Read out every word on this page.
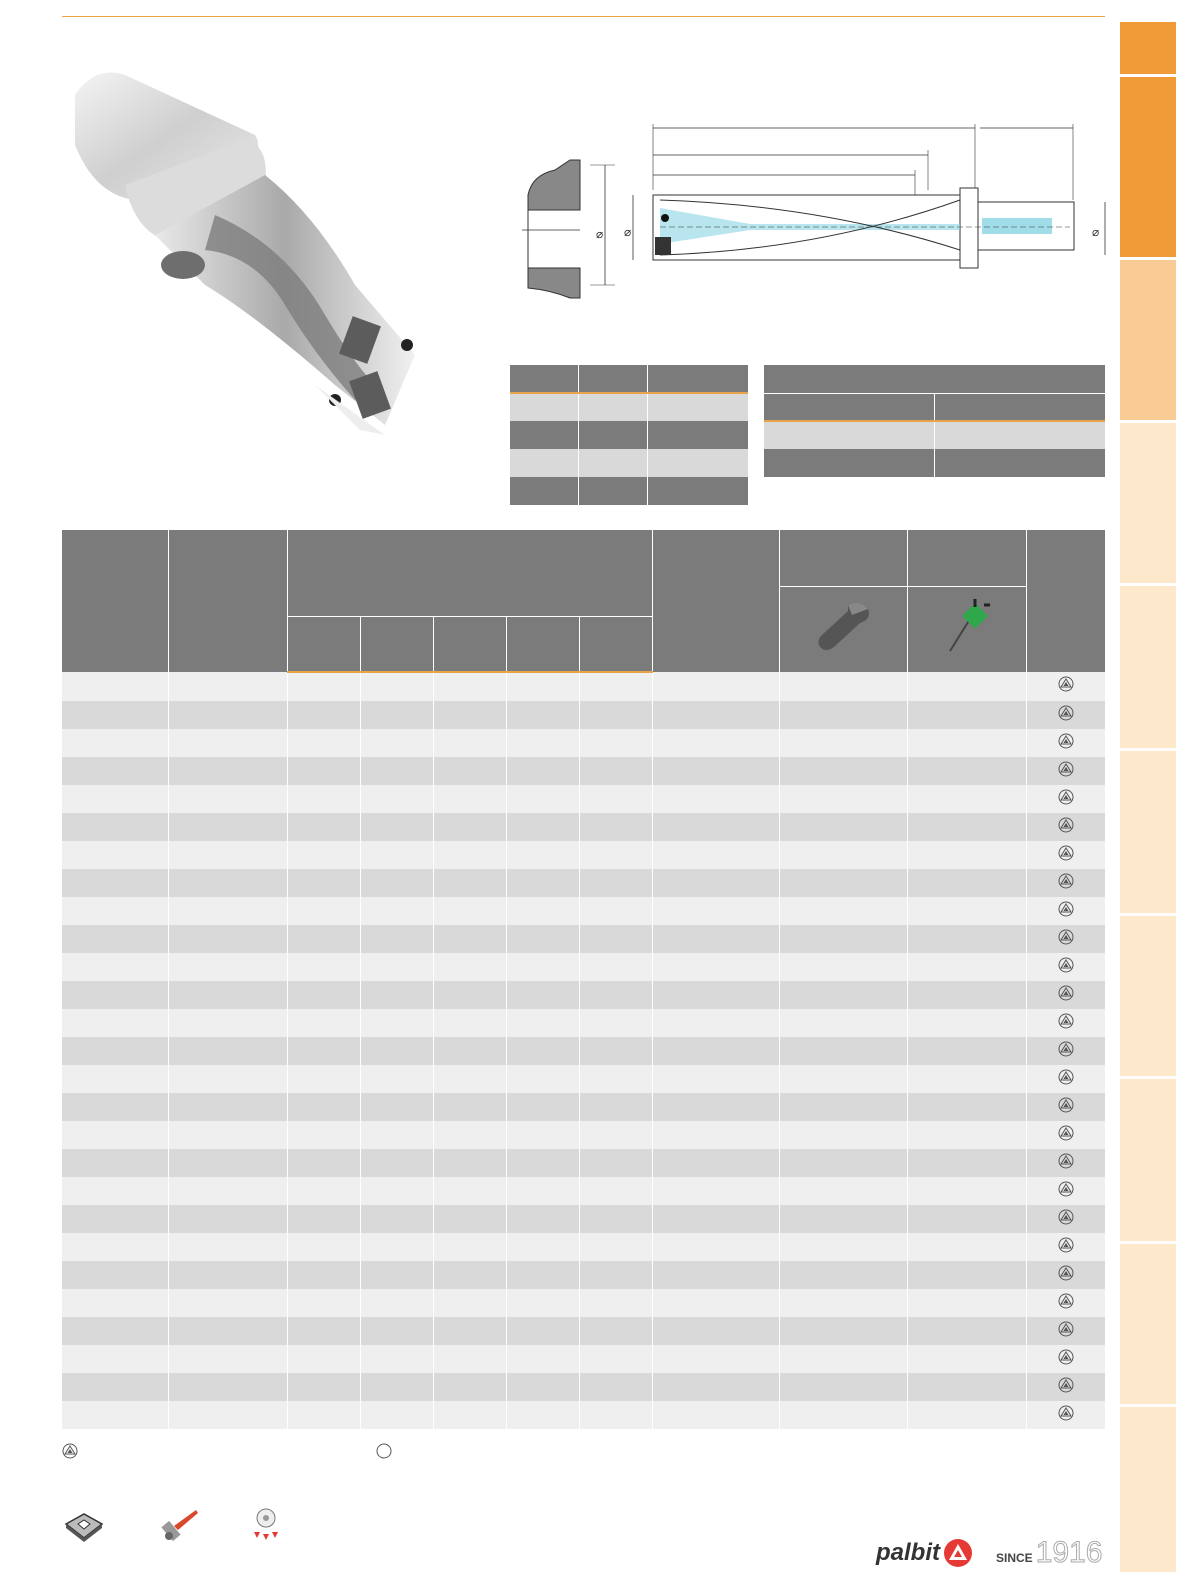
⌀ ⌀	⌀

palbit	SINCE 1916
